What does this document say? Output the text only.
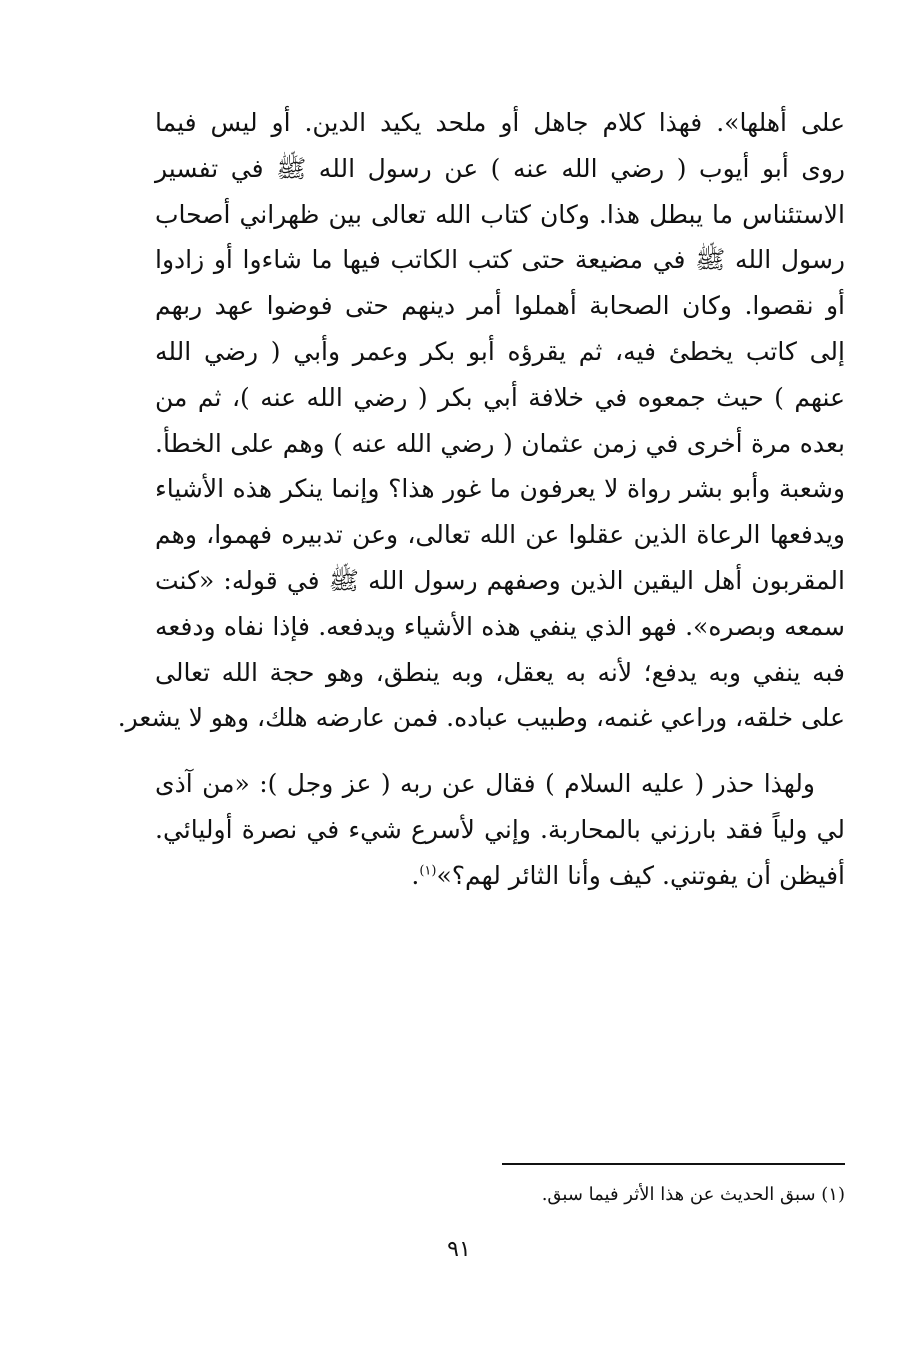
على أهلها». فهذا كلام جاهل أو ملحد يكيد الدين. أو ليس فيما
روى أبو أيوب ( رضي الله عنه ) عن رسول الله ﷺ في تفسير
الاستئناس ما يبطل هذا. وكان كتاب الله تعالى بين ظهراني أصحاب
رسول الله ﷺ في مضيعة حتى كتب الكاتب فيها ما شاءوا أو زادوا
أو نقصوا. وكان الصحابة أهملوا أمر دينهم حتى فوضوا عهد ربهم
إلى كاتب يخطئ فيه، ثم يقرؤه أبو بكر وعمر وأبي ( رضي الله
عنهم ) حيث جمعوه في خلافة أبي بكر ( رضي الله عنه )، ثم من
بعده مرة أخرى في زمن عثمان ( رضي الله عنه ) وهم على الخطأ.
وشعبة وأبو بشر رواة لا يعرفون ما غور هذا؟ وإنما ينكر هذه الأشياء
ويدفعها الرعاة الذين عقلوا عن الله تعالى، وعن تدبيره فهموا، وهم
المقربون أهل اليقين الذين وصفهم رسول الله ﷺ في قوله: «كنت
سمعه وبصره». فهو الذي ينفي هذه الأشياء ويدفعه. فإذا نفاه ودفعه
فبه ينفي وبه يدفع؛ لأنه به يعقل، وبه ينطق، وهو حجة الله تعالى
على خلقه، وراعي غنمه، وطبيب عباده. فمن عارضه هلك، وهو لا يشعر.
ولهذا حذر ( عليه السلام ) فقال عن ربه ( عز وجل ): «من آذى
لي ولياً فقد بارزني بالمحاربة. وإني لأسرع شيء في نصرة أوليائي.
أفيظن أن يفوتني. كيف وأنا الثائر لهم؟»$^{(١)}$.
(١) سبق الحديث عن هذا الأثر فيما سبق.
٩١
